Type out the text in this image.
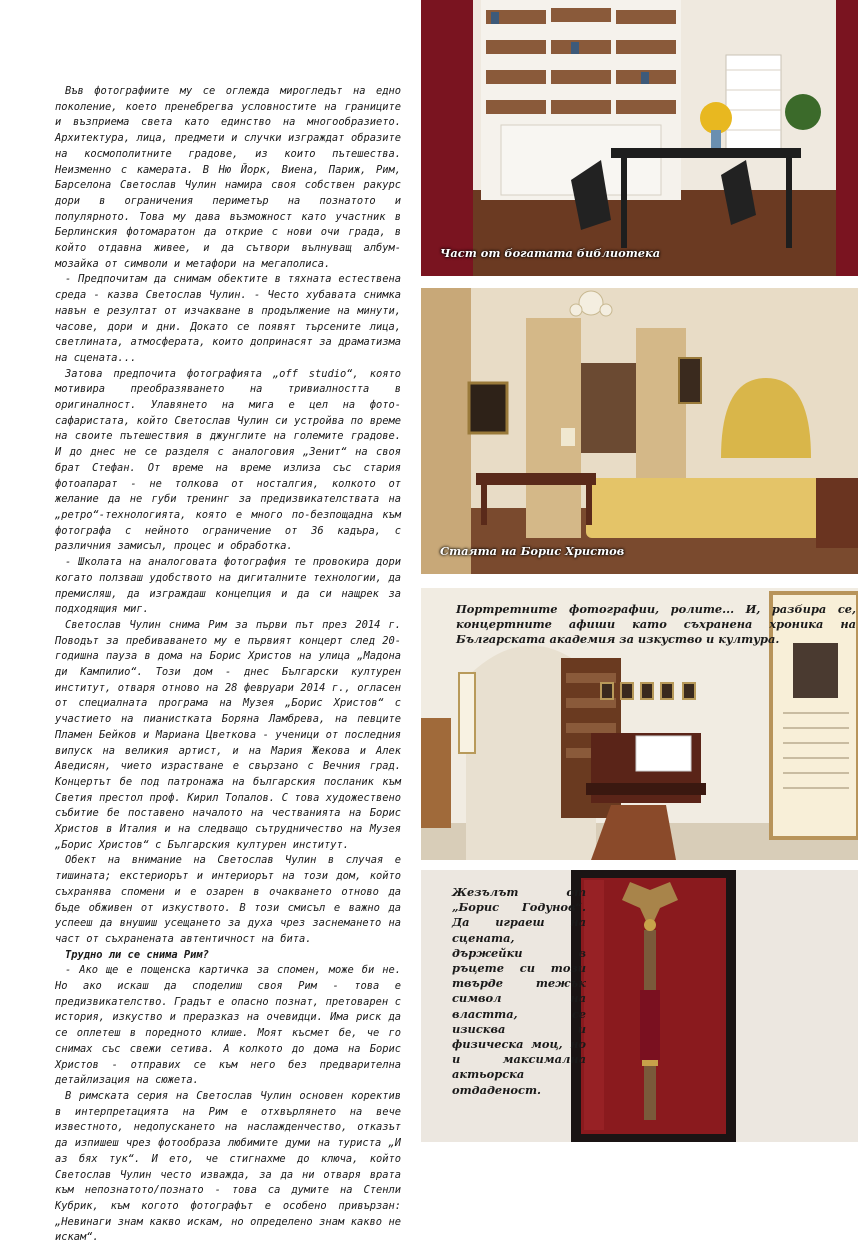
Във фотографиите му се оглежда мирогледът на едно поколение, което пренебрегва условностите на границите и възприема света като единство на многообразието. Архитектура, лица, предмети и случки изграждат образите на космополитните градове, из които пътешества. Неизменно с камерата. В Ню Йорк, Виена, Париж, Рим, Барселона Светослав Чулин намира своя собствен ракурс дори в ограничения периметър на познатото и популярното. Това му дава възможност като участник в Берлинския фотомаратон да открие с нови очи града, в който отдавна живее, и да сътвори вълнуващ албум-мозайка от символи и метафори на мегаполиса.

- Предпочитам да снимам обектите в тяхната естествена среда - казва Светослав Чулин. - Често хубавата снимка навън е резултат от изчакване в продължение на минути, часове, дори и дни. Докато се появят търсените лица, светлината, атмосферата, които допринасят за драматизма на сцената...

Затова предпочита фотографията „off studio“, която мотивира преобразяването на тривиалността в оригиналност. Улавянето на мига е цел на фото-сафаристата, който Светослав Чулин си устройва по време на своите пътешествия в джунглите на големите градове. И до днес не се разделя с аналоговия „Зенит“ на своя брат Стефан. От време на време излиза със стария фотоапарат - не толкова от носталгия, колкото от желание да не губи тренинг за предизвикателствата на „ретро“-технологията, която е много по-безпощадна към фотографа с нейното ограничение от 36 кадъра, с различния замисъл, процес и обработка.

- Школата на аналоговата фотография те провокира дори когато ползваш удобството на дигиталните технологии, да премисляш, да изграждаш концепция и да си нащрек за подходящия миг.

Светослав Чулин снима Рим за първи път през 2014 г. Поводът за пребиваването му е първият концерт след 20-годишна пауза в дома на Борис Христов на улица „Мадона ди Кампилио“. Този дом - днес Български културен институт, отваря отново на 28 февруари 2014 г., огласен от специалната програма на Музея „Борис Христов“ с участието на пианистката Боряна Ламбрева, на певците Пламен Бейков и Мариана Цветкова - ученици от последния випуск на великия артист, и на Мария Жекова и Алек Аведисян, чието израстване е свързано с Вечния град. Концертът бе под патронажа на българския посланик към Светия престол проф. Кирил Топалов. С това художествено събитие бе поставено началото на честванията на Борис Христов в Италия и на следващо сътрудничество на Музея „Борис Христов“ с Българския културен институт.

Обект на внимание на Светослав Чулин в случая е тишината; екстериорът и интериорът на този дом, който съхранява спомени и е озарен в очакването отново да бъде обживен от изкуството. В този смисъл е важно да успееш да внушиш усещането за духа чрез заснемането на част от съхранената автентичност на бита.

Трудно ли се снима Рим?

- Ако ще е пощенска картичка за спомен, може би не. Но ако искаш да споделиш своя Рим - това е предизвикателство. Градът е опасно познат, претоварен с история, изкуство и преразказ на очевидци. Има риск да се оплетеш в поредното клише. Моят късмет бе, че го снимах със свежи сетива. А колкото до дома на Борис Христов - отправих се към него без предварителна детайлизация на сюжета.

В римската серия на Светослав Чулин основен коректив в интерпретацията на Рим е отхвърлянето на вече известното, недопускането на наслажденчество, отказът да изпишеш чрез фотообраза любимите думи на туриста „И аз бях тук“. И ето, че стигнахме до ключа, който Светослав Чулин често изважда, за да ни отваря врата към непознатото/познато - това са думите на Стенли Кубрик, към когото фотографът е особено привързан: „Невинаги знам какво искам, но определено знам какво не искам“.

Част от богатата библиотека
Стаята на Борис Христов
Портретните фотографии, ролите... И, разбира се, концертните афиши като съхранена хроника на Българската академия за изкуство и култура.
Жезълът от „Борис Годунов“. Да играеш на сцената, държейки в ръцете си този твърде тежък символ на властта, се изисква и физическа моц, но и максимална актьорска отдаденост.
